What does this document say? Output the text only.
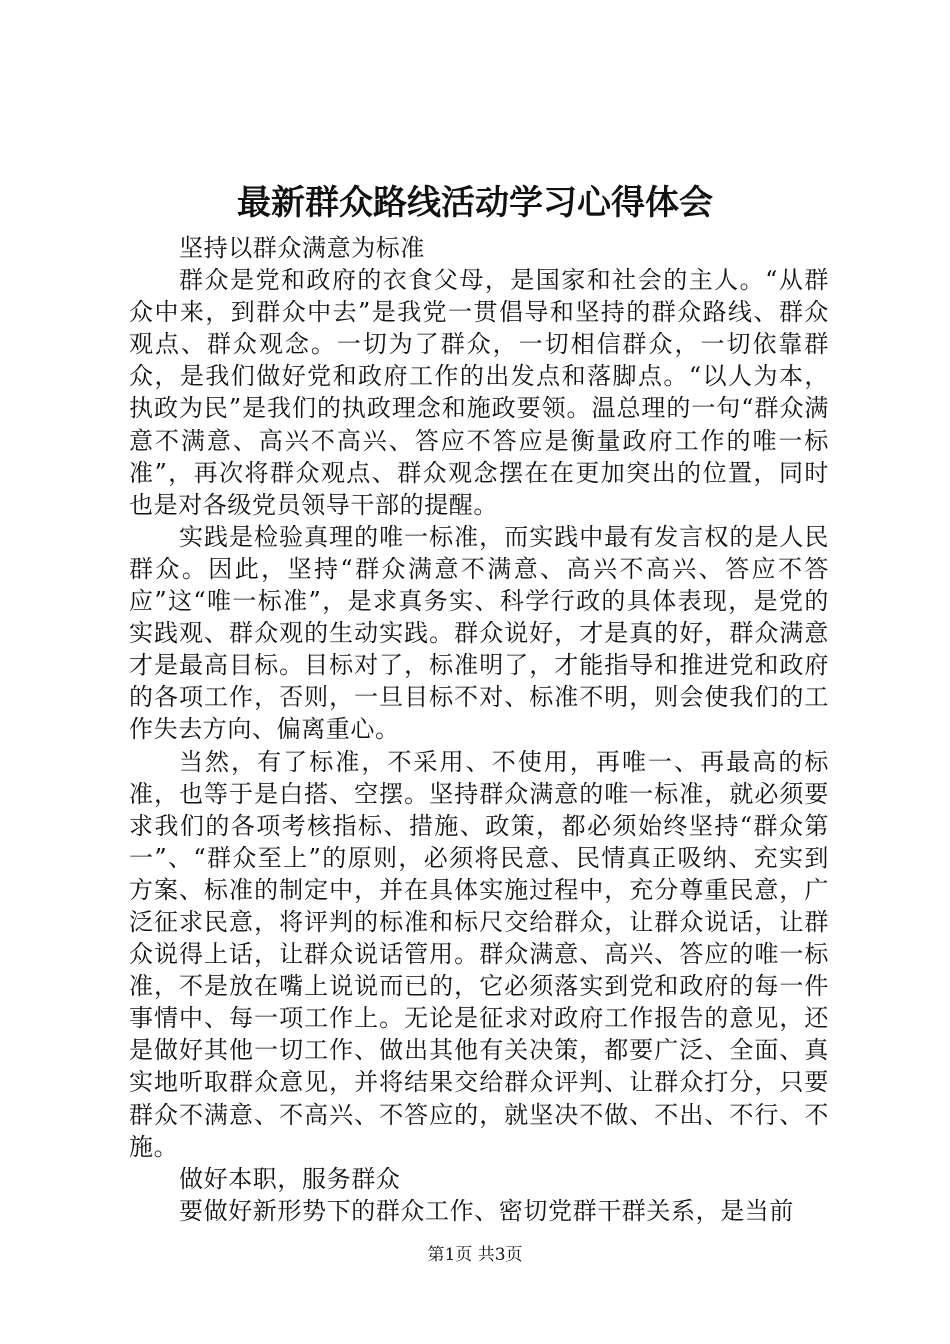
最新群众路线活动学习心得体会

坚持以群众满意为标准

群众是党和政府的衣食父母，是国家和社会的主人。“从群众中来，到群众中去”是我党一贯倡导和坚持的群众路线、群众观点、群众观念。一切为了群众，一切相信群众，一切依靠群众，是我们做好党和政府工作的出发点和落脚点。“以人为本，执政为民”是我们的执政理念和施政要领。温总理的一句“群众满意不满意、高兴不高兴、答应不答应是衡量政府工作的唯一标准”，再次将群众观点、群众观念摆在在更加突出的位置，同时也是对各级党员领导干部的提醒。

实践是检验真理的唯一标准，而实践中最有发言权的是人民群众。因此，坚持“群众满意不满意、高兴不高兴、答应不答应”这“唯一标准”，是求真务实、科学行政的具体表现，是党的实践观、群众观的生动实践。群众说好，才是真的好，群众满意才是最高目标。目标对了，标准明了，才能指导和推进党和政府的各项工作，否则，一旦目标不对、标准不明，则会使我们的工作失去方向、偏离重心。

当然，有了标准，不采用、不使用，再唯一、再最高的标准，也等于是白搭、空摆。坚持群众满意的唯一标准，就必须要求我们的各项考核指标、措施、政策，都必须始终坚持“群众第一”、“群众至上”的原则，必须将民意、民情真正吸纳、充实到方案、标准的制定中，并在具体实施过程中，充分尊重民意，广泛征求民意，将评判的标准和标尺交给群众，让群众说话，让群众说得上话，让群众说话管用。群众满意、高兴、答应的唯一标准，不是放在嘴上说说而已的，它必须落实到党和政府的每一件事情中、每一项工作上。无论是征求对政府工作报告的意见，还是做好其他一切工作、做出其他有关决策，都要广泛、全面、真实地听取群众意见，并将结果交给群众评判、让群众打分，只要群众不满意、不高兴、不答应的，就坚决不做、不出、不行、不施。

做好本职，服务群众

要做好新形势下的群众工作、密切党群干群关系，是当前

第1页 共3页
